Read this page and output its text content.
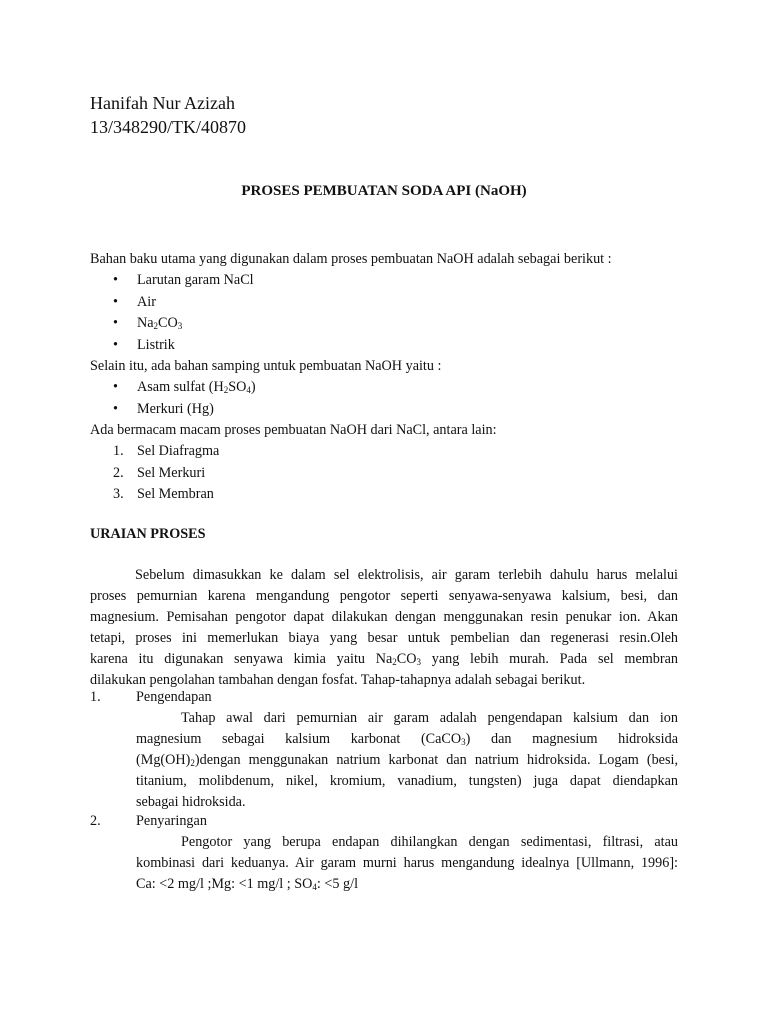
Hanifah Nur Azizah
13/348290/TK/40870
PROSES PEMBUATAN SODA API (NaOH)
Bahan baku utama yang digunakan dalam proses pembuatan NaOH adalah sebagai berikut :
• Larutan garam NaCl
• Air
• $Na_2CO_3$
• Listrik
Selain itu, ada bahan samping untuk pembuatan NaOH yaitu :
• Asam sulfat $(H_2SO_4)$
• Merkuri (Hg)
Ada bermacam macam proses pembuatan NaOH dari NaCl, antara lain:
1. Sel Diafragma
2. Sel Merkuri
3. Sel Membran
URAIAN PROSES
Sebelum dimasukkan ke dalam sel elektrolisis, air garam terlebih dahulu harus melalui
proses pemurnian karena mengandung pengotor seperti senyawa-senyawa kalsium, besi, dan
magnesium. Pemisahan pengotor dapat dilakukan dengan menggunakan resin penukar ion. Akan
tetapi, proses ini memerlukan biaya yang besar untuk pembelian dan regenerasi resin.Oleh
karena itu digunakan senyawa kimia yaitu $Na_2CO_3$ yang lebih murah. Pada sel membran
dilakukan pengolahan tambahan dengan fosfat. Tahap-tahapnya adalah sebagai berikut.
1. Pengendapan
Tahap awal dari pemurnian air garam adalah pengendapan kalsium dan ion
magnesium sebagai kalsium karbonat (CaCO$_3$) dan magnesium hidroksida
$(Mg(OH)_2)dengan$ menggunakan natrium karbonat dan natrium hidroksida. Logam (besi,
titanium, molibdenum, nikel, kromium, vanadium, tungsten) juga dapat diendapkan
sebagai hidroksida.
2. Penyaringan
Pengotor yang berupa endapan dihilangkan dengan sedimentasi, filtrasi, atau
kombinasi dari keduanya. Air garam murni harus mengandung idealnya [Ullmann, 1996]:
Ca: <2 mg/l ;Mg: <1 mg/l ; $SO_4$: <5 g/l
